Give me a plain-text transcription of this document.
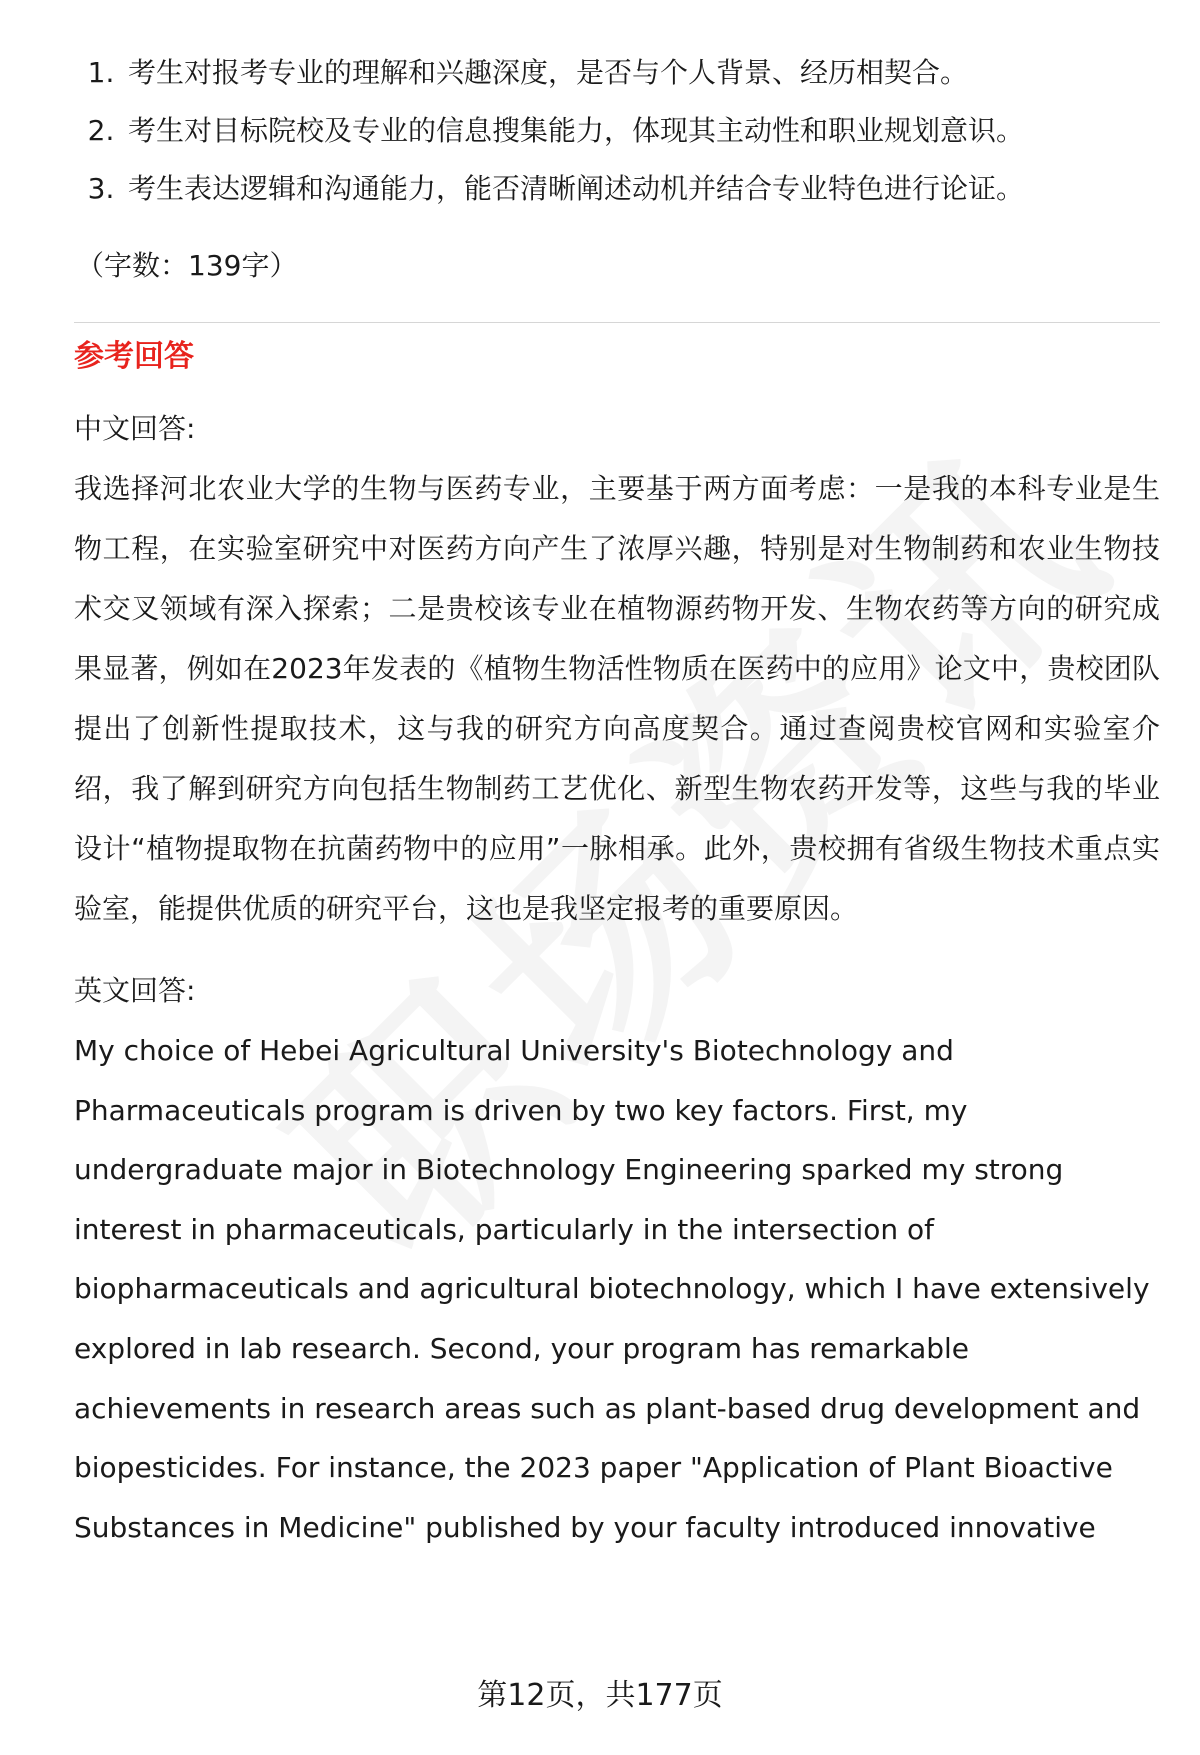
1. 考生对报考专业的理解和兴趣深度，是否与个人背景、经历相契合。
2. 考生对目标院校及专业的信息搜集能力，体现其主动性和职业规划意识。
3. 考生表达逻辑和沟通能力，能否清晰阐述动机并结合专业特色进行论证。
（字数：139字）
参考回答
中文回答:
我选择河北农业大学的生物与医药专业，主要基于两方面考虑：一是我的本科专业是生物工程，在实验室研究中对医药方向产生了浓厚兴趣，特别是对生物制药和农业生物技术交叉领域有深入探索；二是贵校该专业在植物源药物开发、生物农药等方向的研究成果显著，例如在2023年发表的《植物生物活性物质在医药中的应用》论文中，贵校团队提出了创新性提取技术，这与我的研究方向高度契合。通过查阅贵校官网和实验室介绍，我了解到研究方向包括生物制药工艺优化、新型生物农药开发等，这些与我的毕业设计“植物提取物在抗菌药物中的应用”一脉相承。此外，贵校拥有省级生物技术重点实验室，能提供优质的研究平台，这也是我坚定报考的重要原因。
英文回答:
My choice of Hebei Agricultural University's Biotechnology and
Pharmaceuticals program is driven by two key factors. First, my
undergraduate major in Biotechnology Engineering sparked my strong
interest in pharmaceuticals, particularly in the intersection of
biopharmaceuticals and agricultural biotechnology, which I have extensively
explored in lab research. Second, your program has remarkable
achievements in research areas such as plant-based drug development and
biopesticides. For instance, the 2023 paper "Application of Plant Bioactive
Substances in Medicine" published by your faculty introduced innovative
第12页，共177页
